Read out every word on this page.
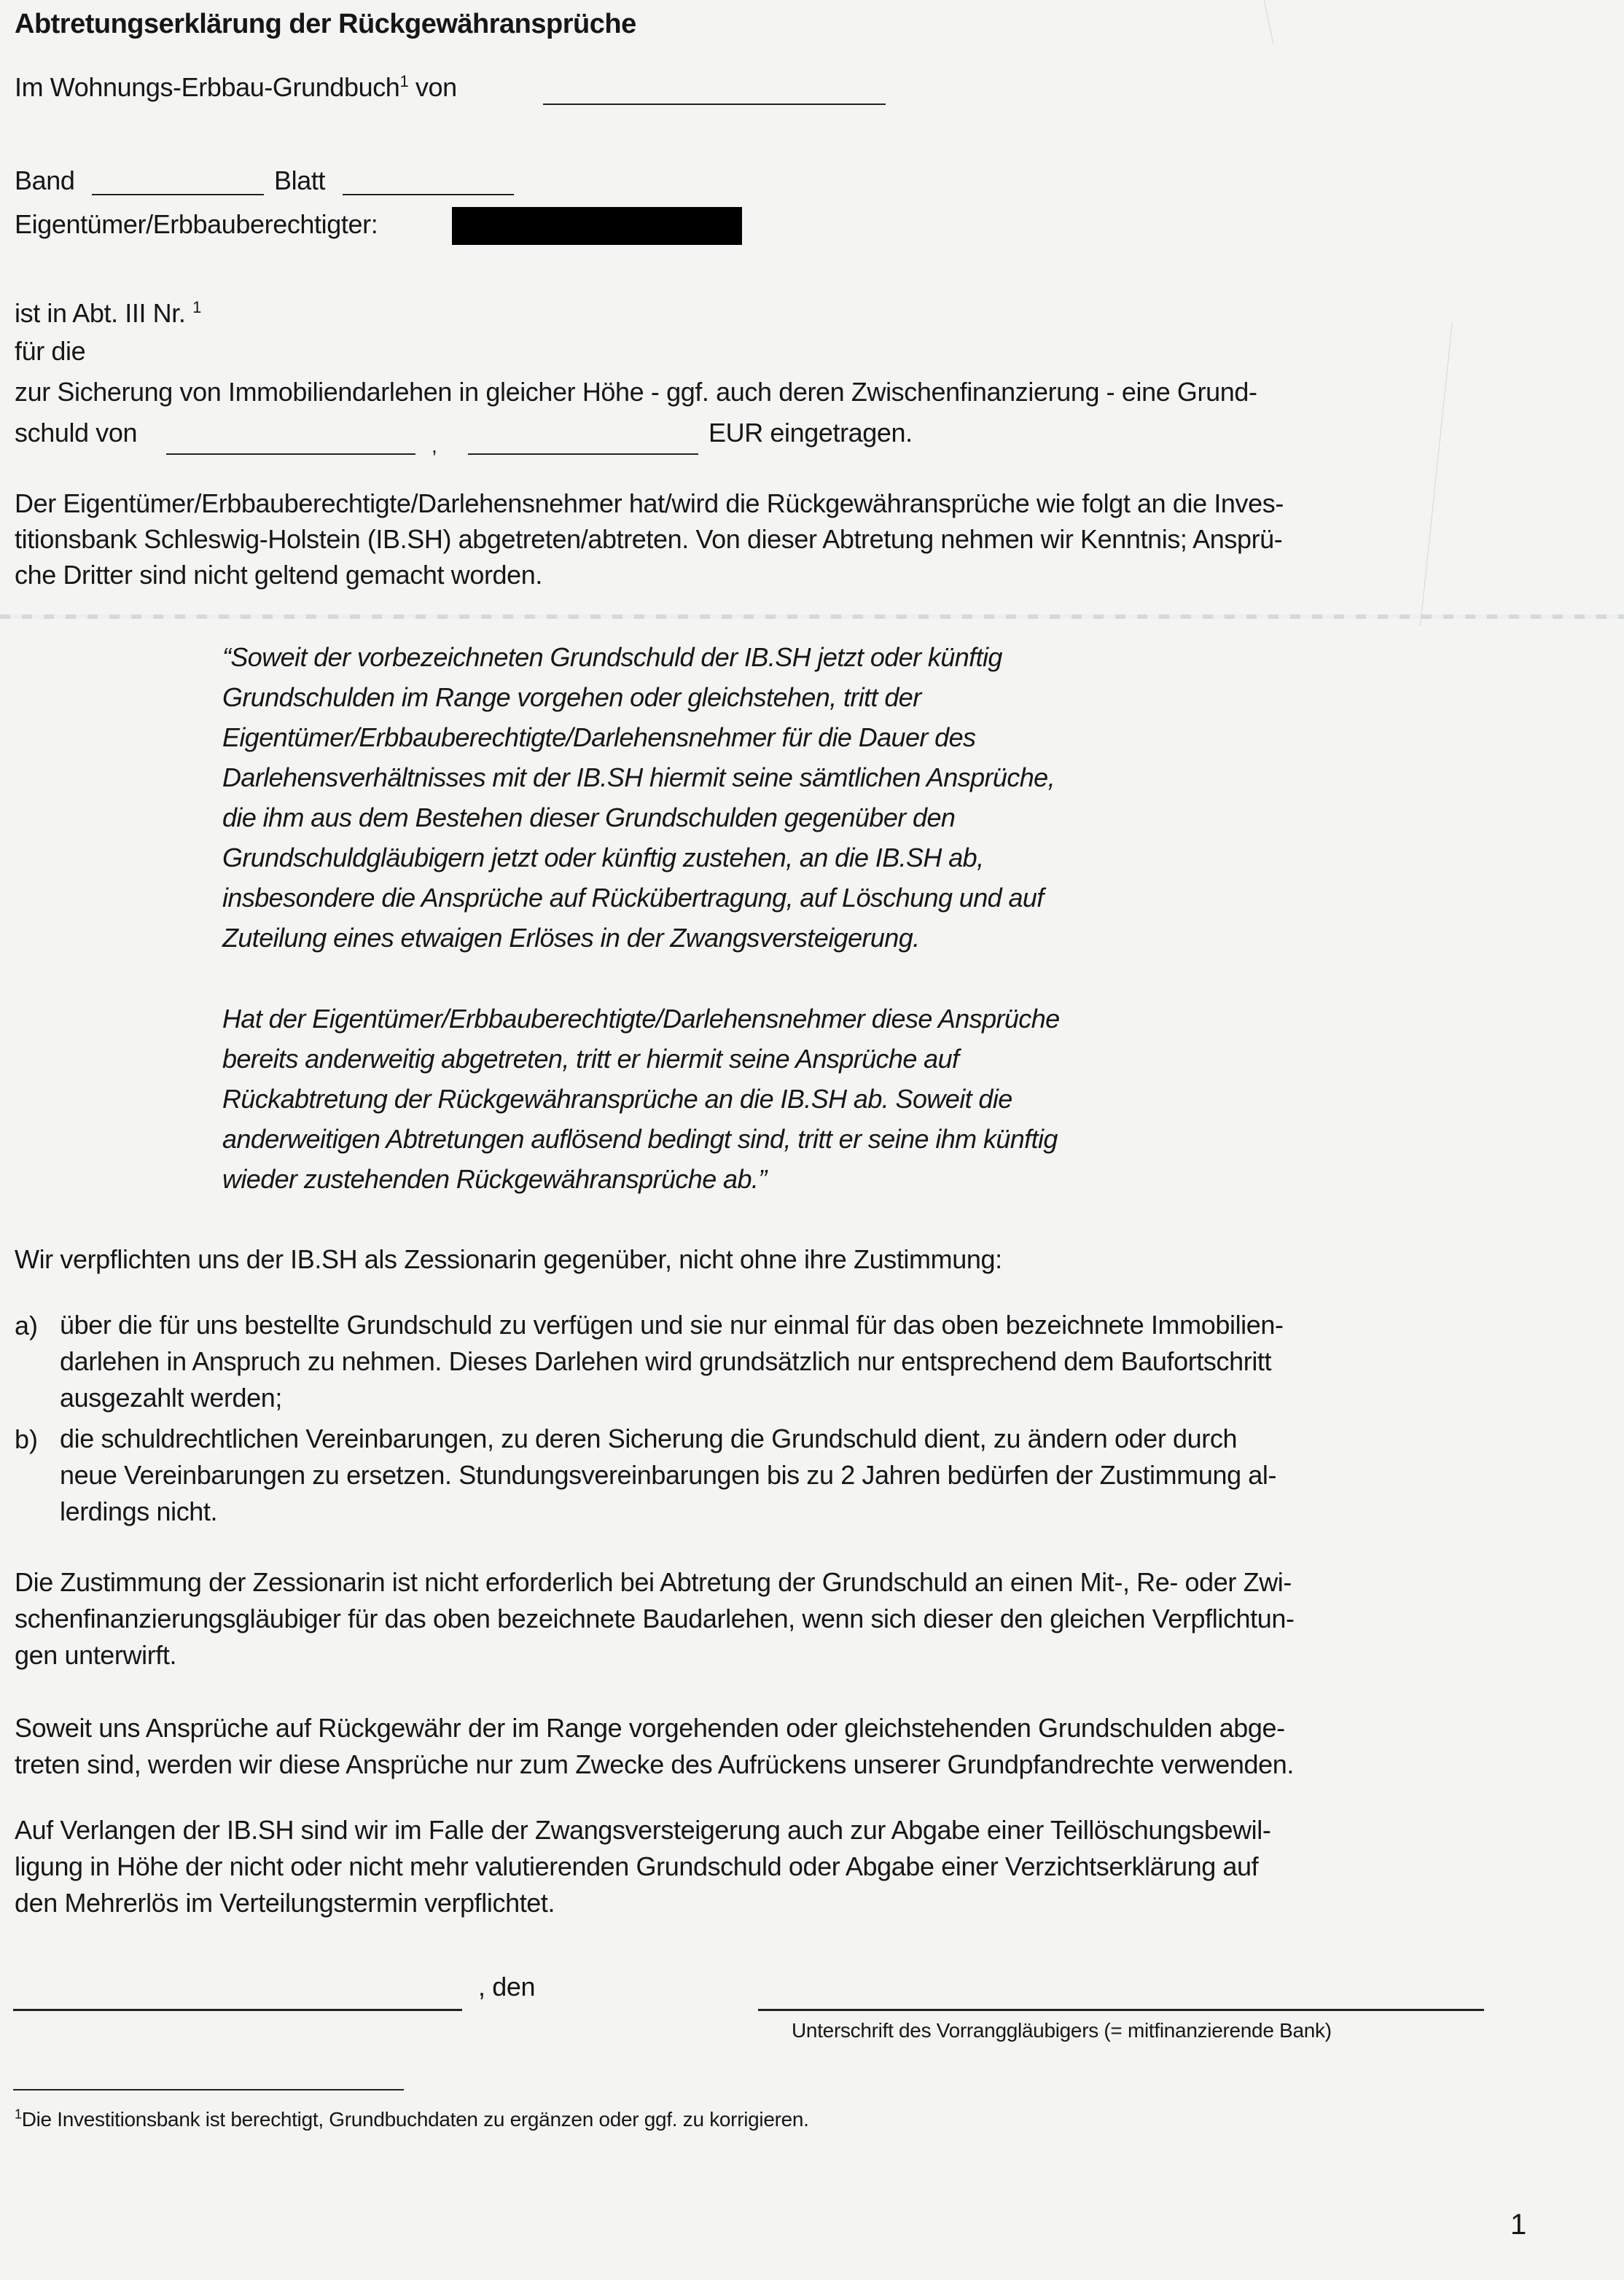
Abtretungserklärung der Rückgewähransprüche
Im Wohnungs-Erbbau-Grundbuch$^1$ von
Band	Blatt
Eigentümer/Erbbauberechtigter:
ist in Abt. III Nr. $^1$
für die
zur Sicherung von Immobiliendarlehen in gleicher Höhe - ggf. auch deren Zwischenfinanzierung - eine Grund-
schuld von	,	EUR eingetragen.
Der Eigentümer/Erbbauberechtigte/Darlehensnehmer hat/wird die Rückgewähransprüche wie folgt an die Inves-
titionsbank Schleswig-Holstein (IB.SH) abgetreten/abtreten. Von dieser Abtretung nehmen wir Kenntnis; Ansprü-
che Dritter sind nicht geltend gemacht worden.
“Soweit der vorbezeichneten Grundschuld der IB.SH jetzt oder künftig
Grundschulden im Range vorgehen oder gleichstehen, tritt der
Eigentümer/Erbbauberechtigte/Darlehensnehmer für die Dauer des
Darlehensverhältnisses mit der IB.SH hiermit seine sämtlichen Ansprüche,
die ihm aus dem Bestehen dieser Grundschulden gegenüber den
Grundschuldgläubigern jetzt oder künftig zustehen, an die IB.SH ab,
insbesondere die Ansprüche auf Rückübertragung, auf Löschung und auf
Zuteilung eines etwaigen Erlöses in der Zwangsversteigerung.
Hat der Eigentümer/Erbbauberechtigte/Darlehensnehmer diese Ansprüche
bereits anderweitig abgetreten, tritt er hiermit seine Ansprüche auf
Rückabtretung der Rückgewähransprüche an die IB.SH ab. Soweit die
anderweitigen Abtretungen auflösend bedingt sind, tritt er seine ihm künftig
wieder zustehenden Rückgewähransprüche ab.”
Wir verpflichten uns der IB.SH als Zessionarin gegenüber, nicht ohne ihre Zustimmung:
a) über die für uns bestellte Grundschuld zu verfügen und sie nur einmal für das oben bezeichnete Immobilien-
darlehen in Anspruch zu nehmen. Dieses Darlehen wird grundsätzlich nur entsprechend dem Baufortschritt
ausgezahlt werden;
b) die schuldrechtlichen Vereinbarungen, zu deren Sicherung die Grundschuld dient, zu ändern oder durch
neue Vereinbarungen zu ersetzen. Stundungsvereinbarungen bis zu 2 Jahren bedürfen der Zustimmung al-
lerdings nicht.
Die Zustimmung der Zessionarin ist nicht erforderlich bei Abtretung der Grundschuld an einen Mit-, Re- oder Zwi-
schenfinanzierungsgläubiger für das oben bezeichnete Baudarlehen, wenn sich dieser den gleichen Verpflichtun-
gen unterwirft.
Soweit uns Ansprüche auf Rückgewähr der im Range vorgehenden oder gleichstehenden Grundschulden abge-
treten sind, werden wir diese Ansprüche nur zum Zwecke des Aufrückens unserer Grundpfandrechte verwenden.
Auf Verlangen der IB.SH sind wir im Falle der Zwangsversteigerung auch zur Abgabe einer Teillöschungsbewil-
ligung in Höhe der nicht oder nicht mehr valutierenden Grundschuld oder Abgabe einer Verzichtserklärung auf
den Mehrerlös im Verteilungstermin verpflichtet.
, den
Unterschrift des Vorranggläubigers (= mitfinanzierende Bank)
$^1$Die Investitionsbank ist berechtigt, Grundbuchdaten zu ergänzen oder ggf. zu korrigieren.
1
